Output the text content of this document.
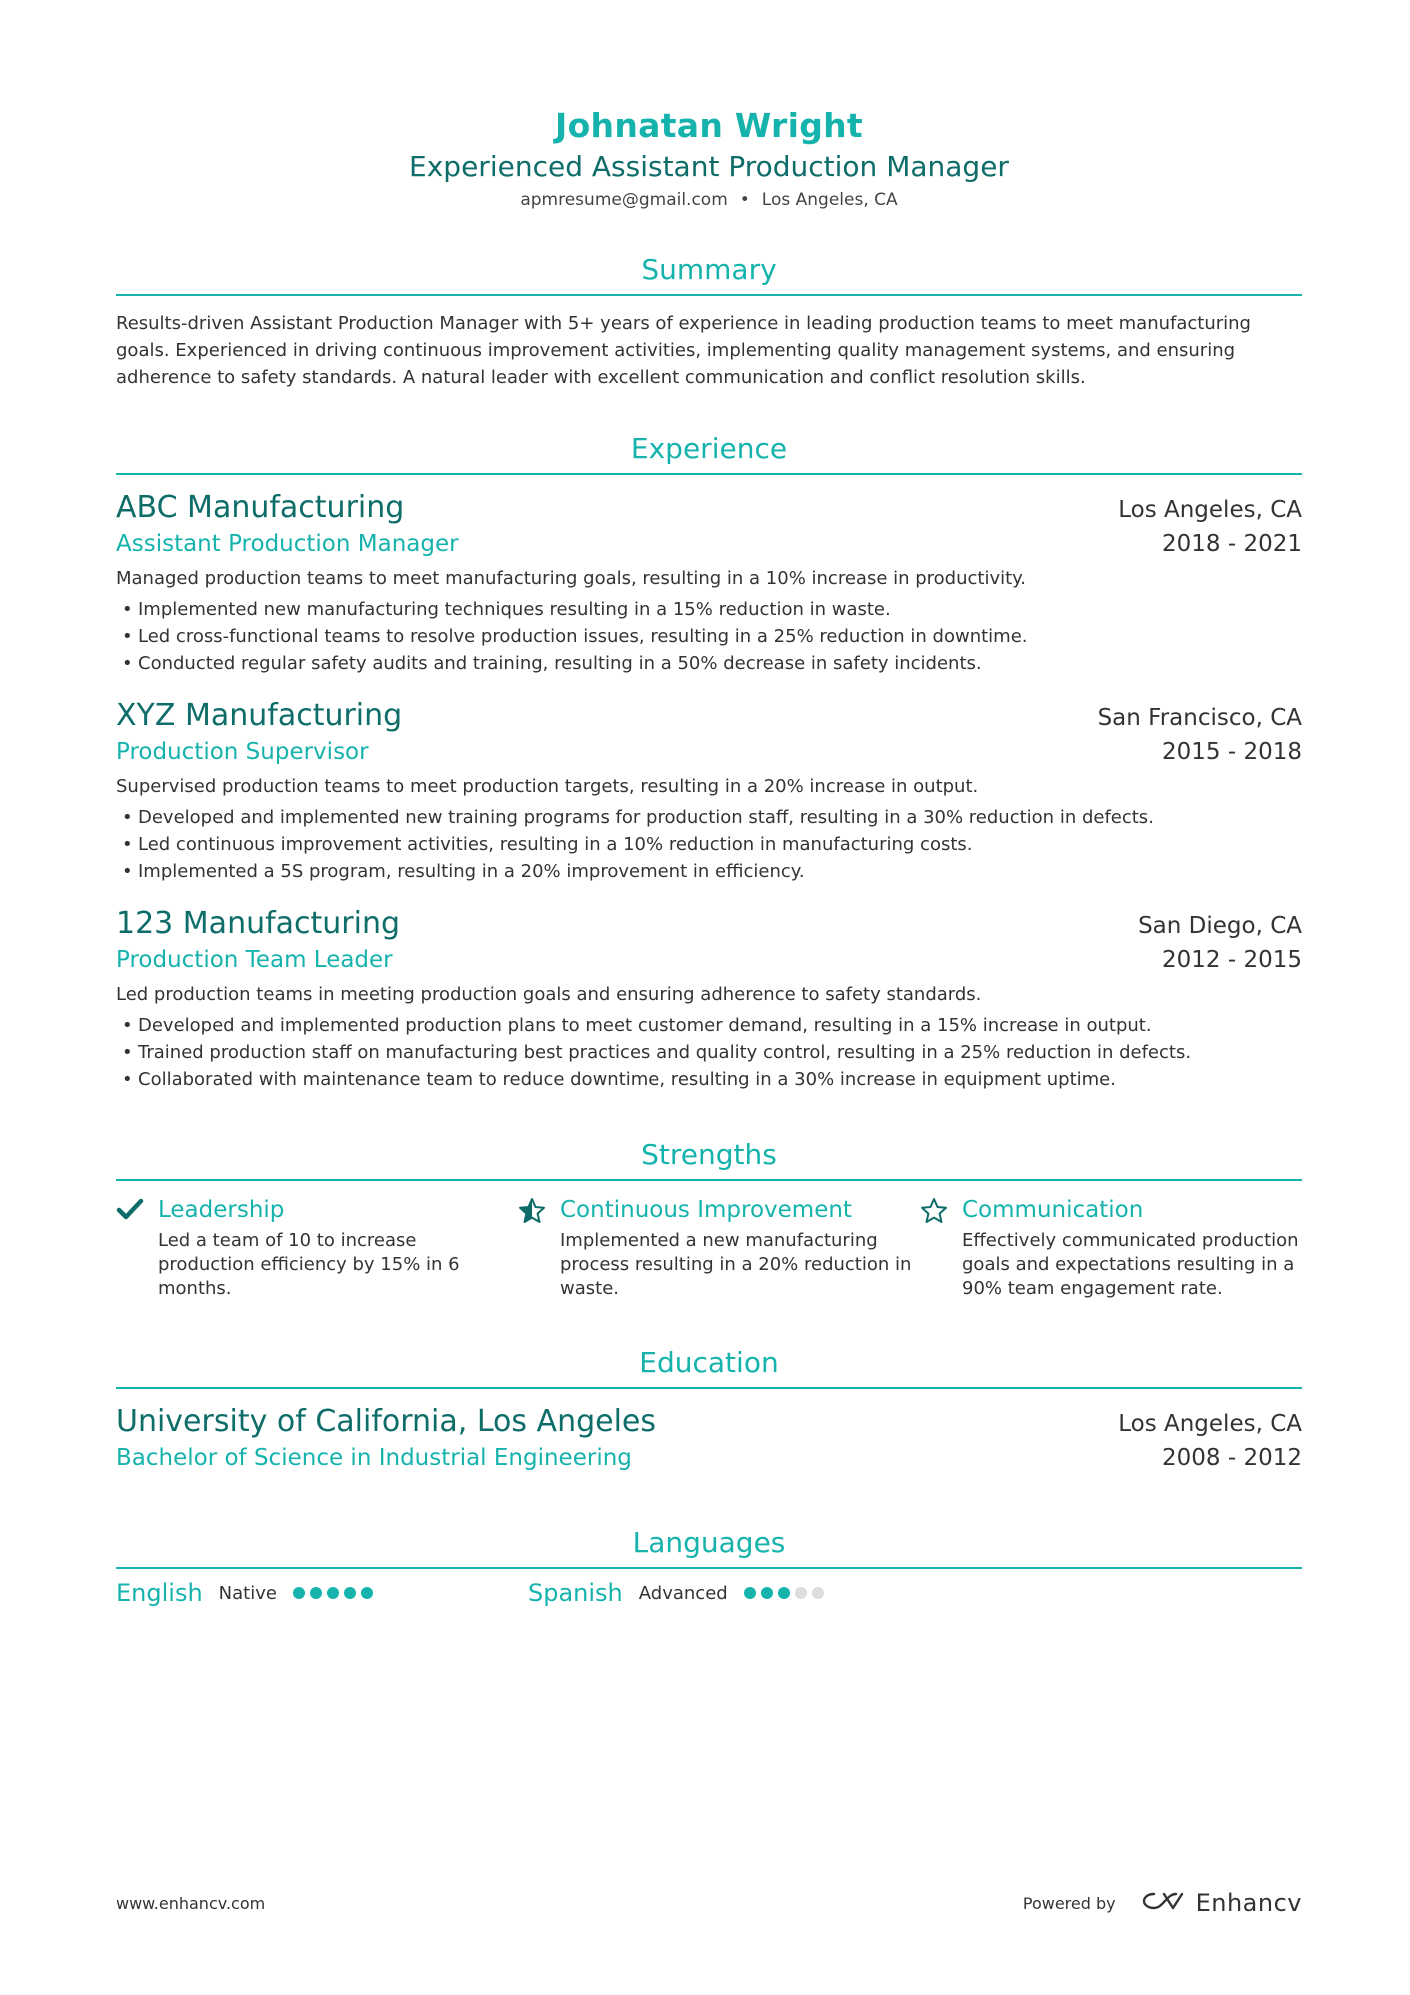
Johnatan Wright
Experienced Assistant Production Manager
apmresume@gmail.com • Los Angeles, CA
Summary
Results-driven Assistant Production Manager with 5+ years of experience in leading production teams to meet manufacturing goals. Experienced in driving continuous improvement activities, implementing quality management systems, and ensuring adherence to safety standards. A natural leader with excellent communication and conflict resolution skills.
Experience
ABC Manufacturing	Los Angeles, CA
Assistant Production Manager	2018 - 2021
Managed production teams to meet manufacturing goals, resulting in a 10% increase in productivity.
• Implemented new manufacturing techniques resulting in a 15% reduction in waste.
• Led cross-functional teams to resolve production issues, resulting in a 25% reduction in downtime.
• Conducted regular safety audits and training, resulting in a 50% decrease in safety incidents.
XYZ Manufacturing	San Francisco, CA
Production Supervisor	2015 - 2018
Supervised production teams to meet production targets, resulting in a 20% increase in output.
• Developed and implemented new training programs for production staff, resulting in a 30% reduction in defects.
• Led continuous improvement activities, resulting in a 10% reduction in manufacturing costs.
• Implemented a 5S program, resulting in a 20% improvement in efficiency.
123 Manufacturing	San Diego, CA
Production Team Leader	2012 - 2015
Led production teams in meeting production goals and ensuring adherence to safety standards.
• Developed and implemented production plans to meet customer demand, resulting in a 15% increase in output.
• Trained production staff on manufacturing best practices and quality control, resulting in a 25% reduction in defects.
• Collaborated with maintenance team to reduce downtime, resulting in a 30% increase in equipment uptime.
Strengths
Leadership
Led a team of 10 to increase production efficiency by 15% in 6 months.
Continuous Improvement
Implemented a new manufacturing process resulting in a 20% reduction in waste.
Communication
Effectively communicated production goals and expectations resulting in a 90% team engagement rate.
Education
University of California, Los Angeles	Los Angeles, CA
Bachelor of Science in Industrial Engineering	2008 - 2012
Languages
English Native	Spanish Advanced
www.enhancv.com	Powered by	Enhancv
